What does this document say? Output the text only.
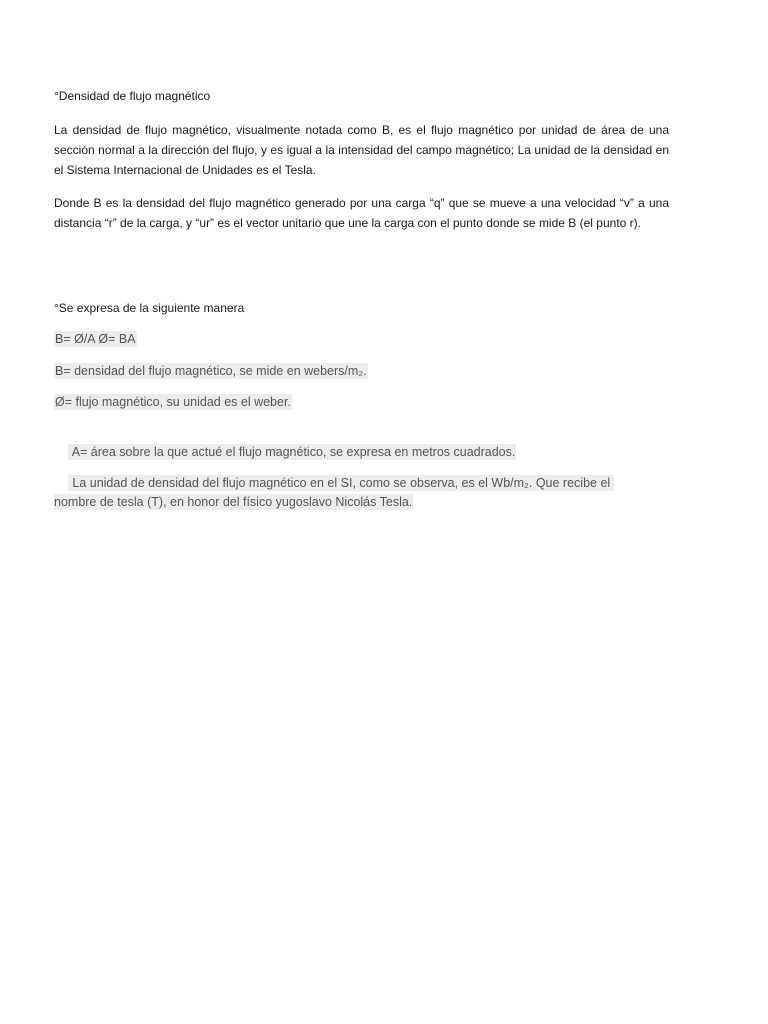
°Densidad de flujo magnético

La densidad de flujo magnético, visualmente notada como B, es el flujo magnético por unidad de área de una sección normal a la dirección del flujo, y es igual a la intensidad del campo magnético; La unidad de la densidad en el Sistema Internacional de Unidades es el Tesla.

Donde B es la densidad del flujo magnético generado por una carga “q” que se mueve a una velocidad “v” a una distancia “r” de la carga, y “ur” es el vector unitario que une la carga con el punto donde se mide B (el punto r).

°Se expresa de la siguiente manera
B= Ø/A Ø= BA
B= densidad del flujo magnético, se mide en webers/m₂.
Ø= flujo magnético, su unidad es el weber.

A= área sobre la que actué el flujo magnético, se expresa en metros cuadrados.

La unidad de densidad del flujo magnético en el SI, como se observa, es el Wb/m₂. Que recibe el nombre de tesla (T), en honor del físico yugoslavo Nicolás Tesla.
